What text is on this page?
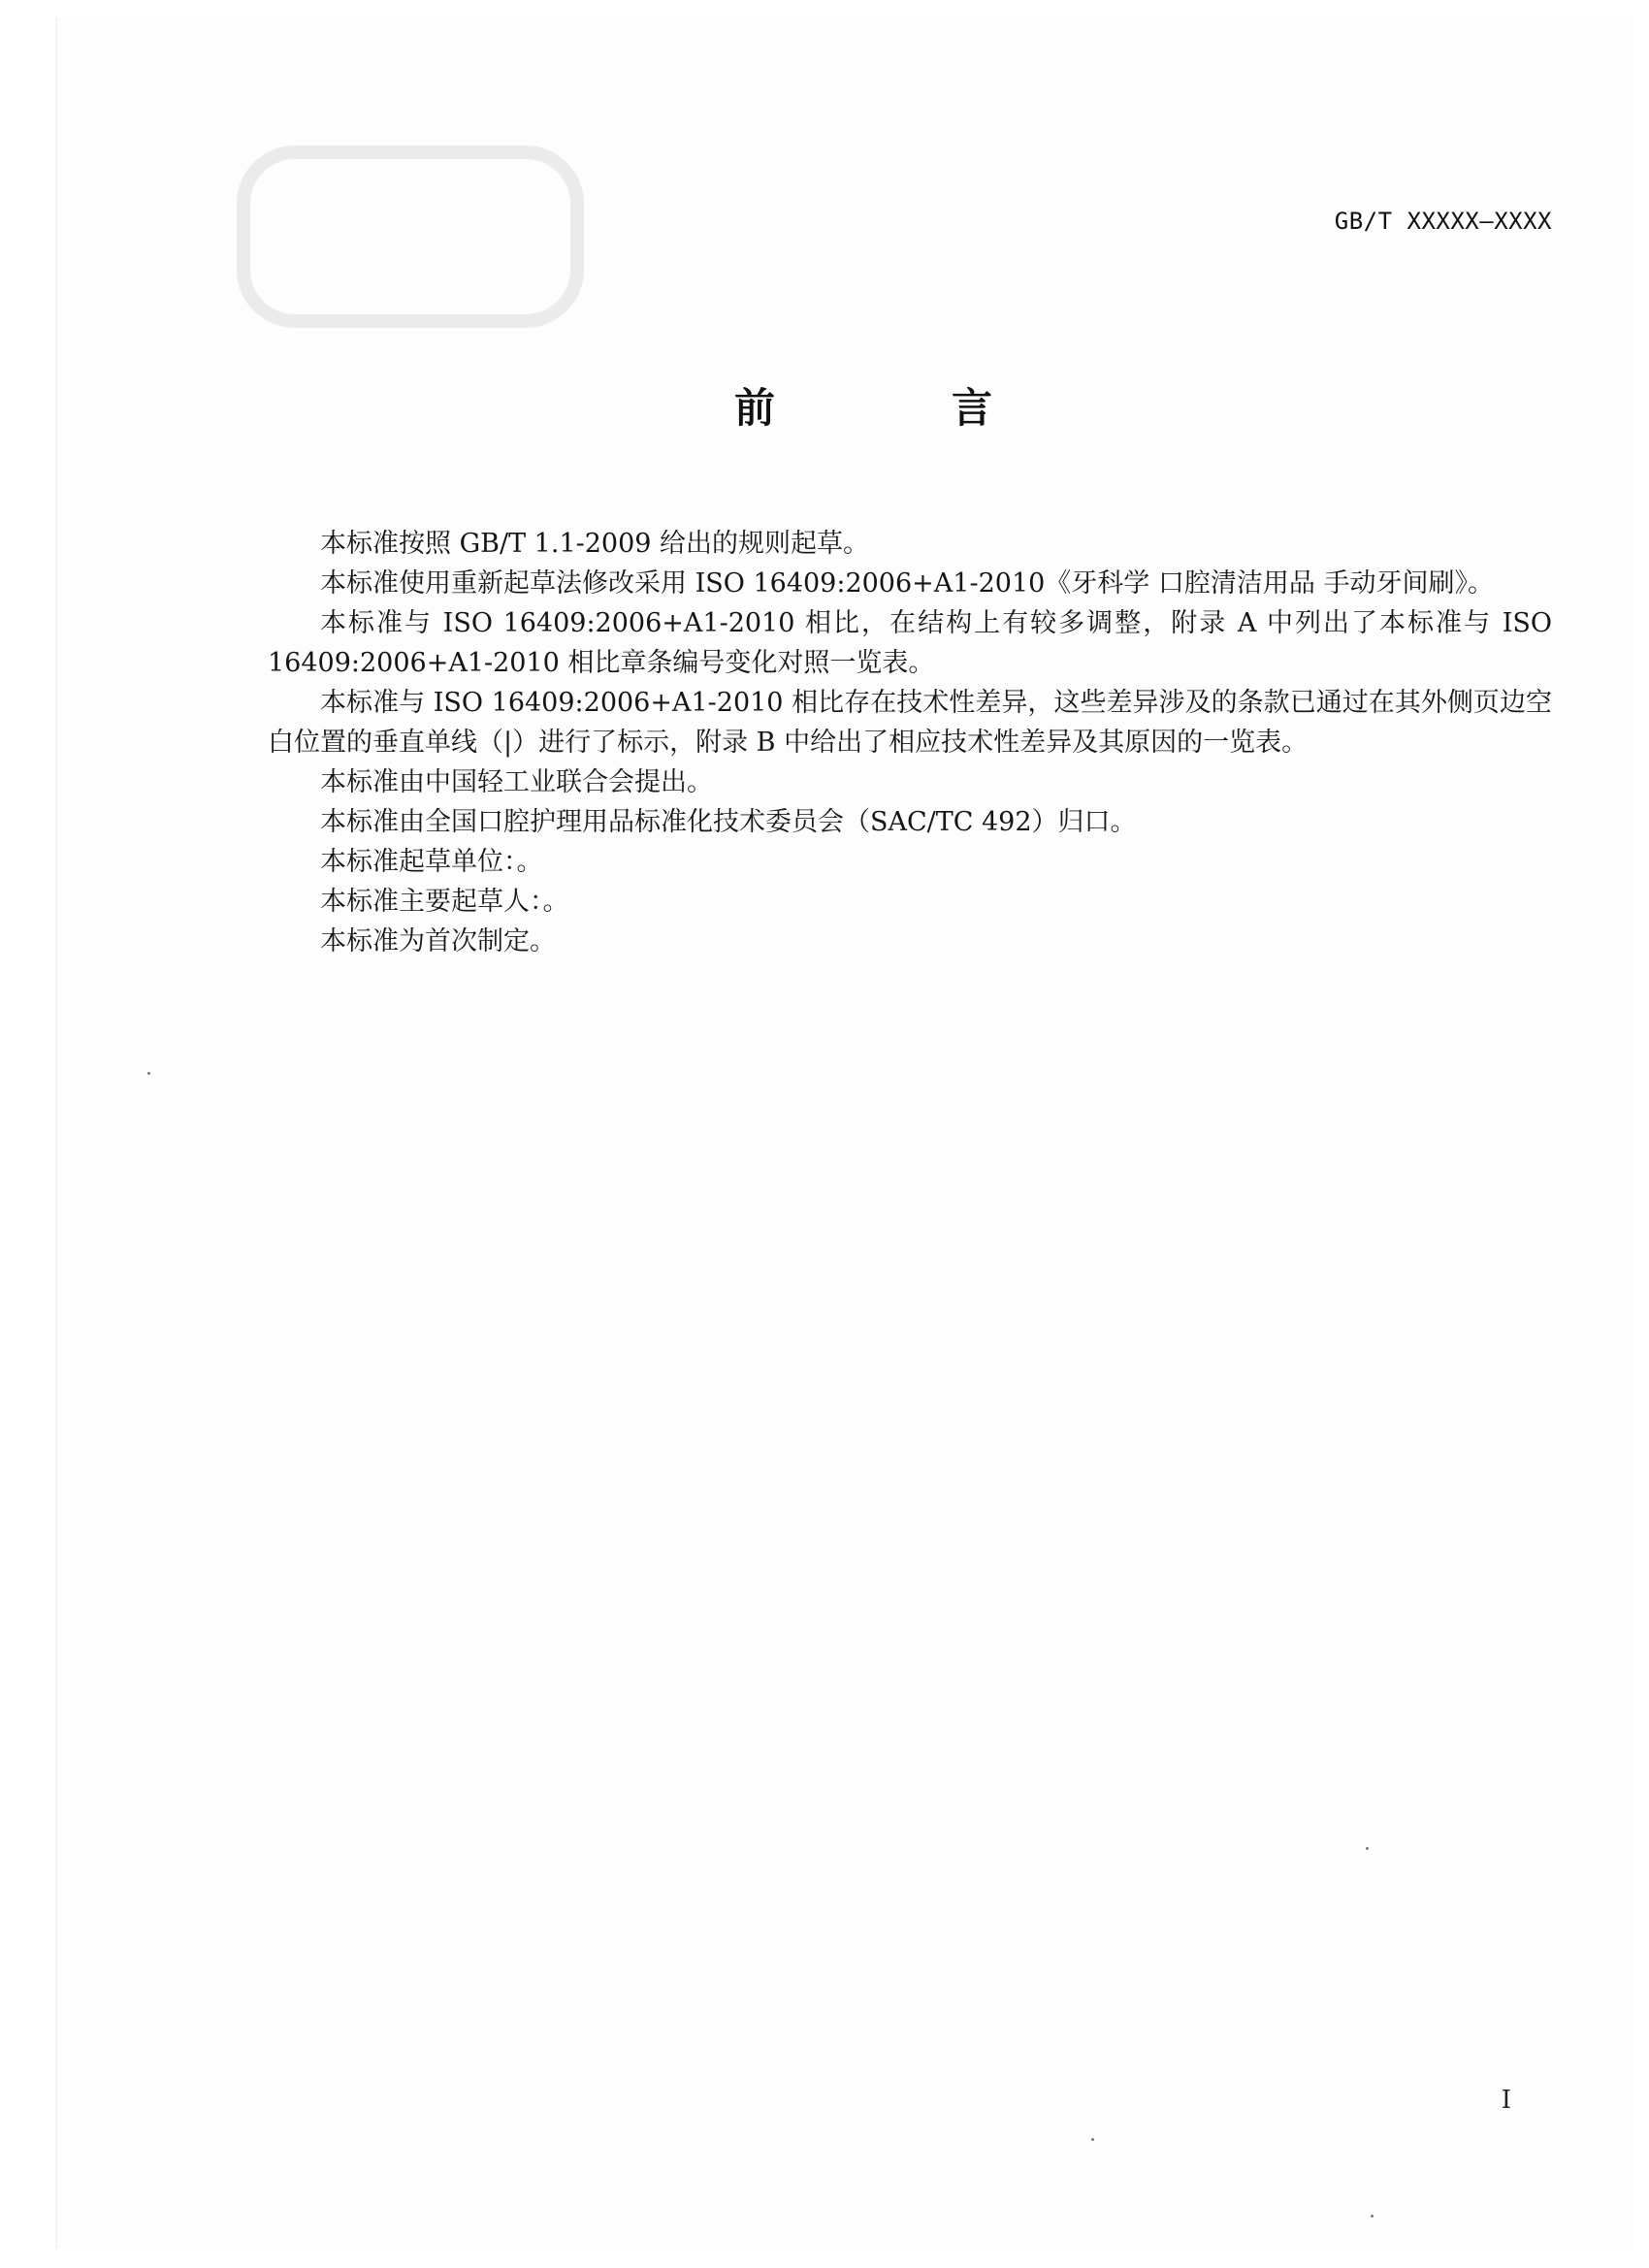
GB/T XXXXX—XXXX
前　言

本标准按照 GB/T 1.1-2009 给出的规则起草。

本标准使用重新起草法修改采用 ISO 16409:2006+A1-2010《牙科学 口腔清洁用品 手动牙间刷》。

本标准与 ISO 16409:2006+A1-2010 相比，在结构上有较多调整，附录 A 中列出了本标准与 ISO 16409:2006+A1-2010 相比章条编号变化对照一览表。

本标准与 ISO 16409:2006+A1-2010 相比存在技术性差异，这些差异涉及的条款已通过在其外侧页边空白位置的垂直单线（|）进行了标示，附录 B 中给出了相应技术性差异及其原因的一览表。

本标准由中国轻工业联合会提出。

本标准由全国口腔护理用品标准化技术委员会（SAC/TC 492）归口。

本标准起草单位：。

本标准主要起草人：。

本标准为首次制定。

I
